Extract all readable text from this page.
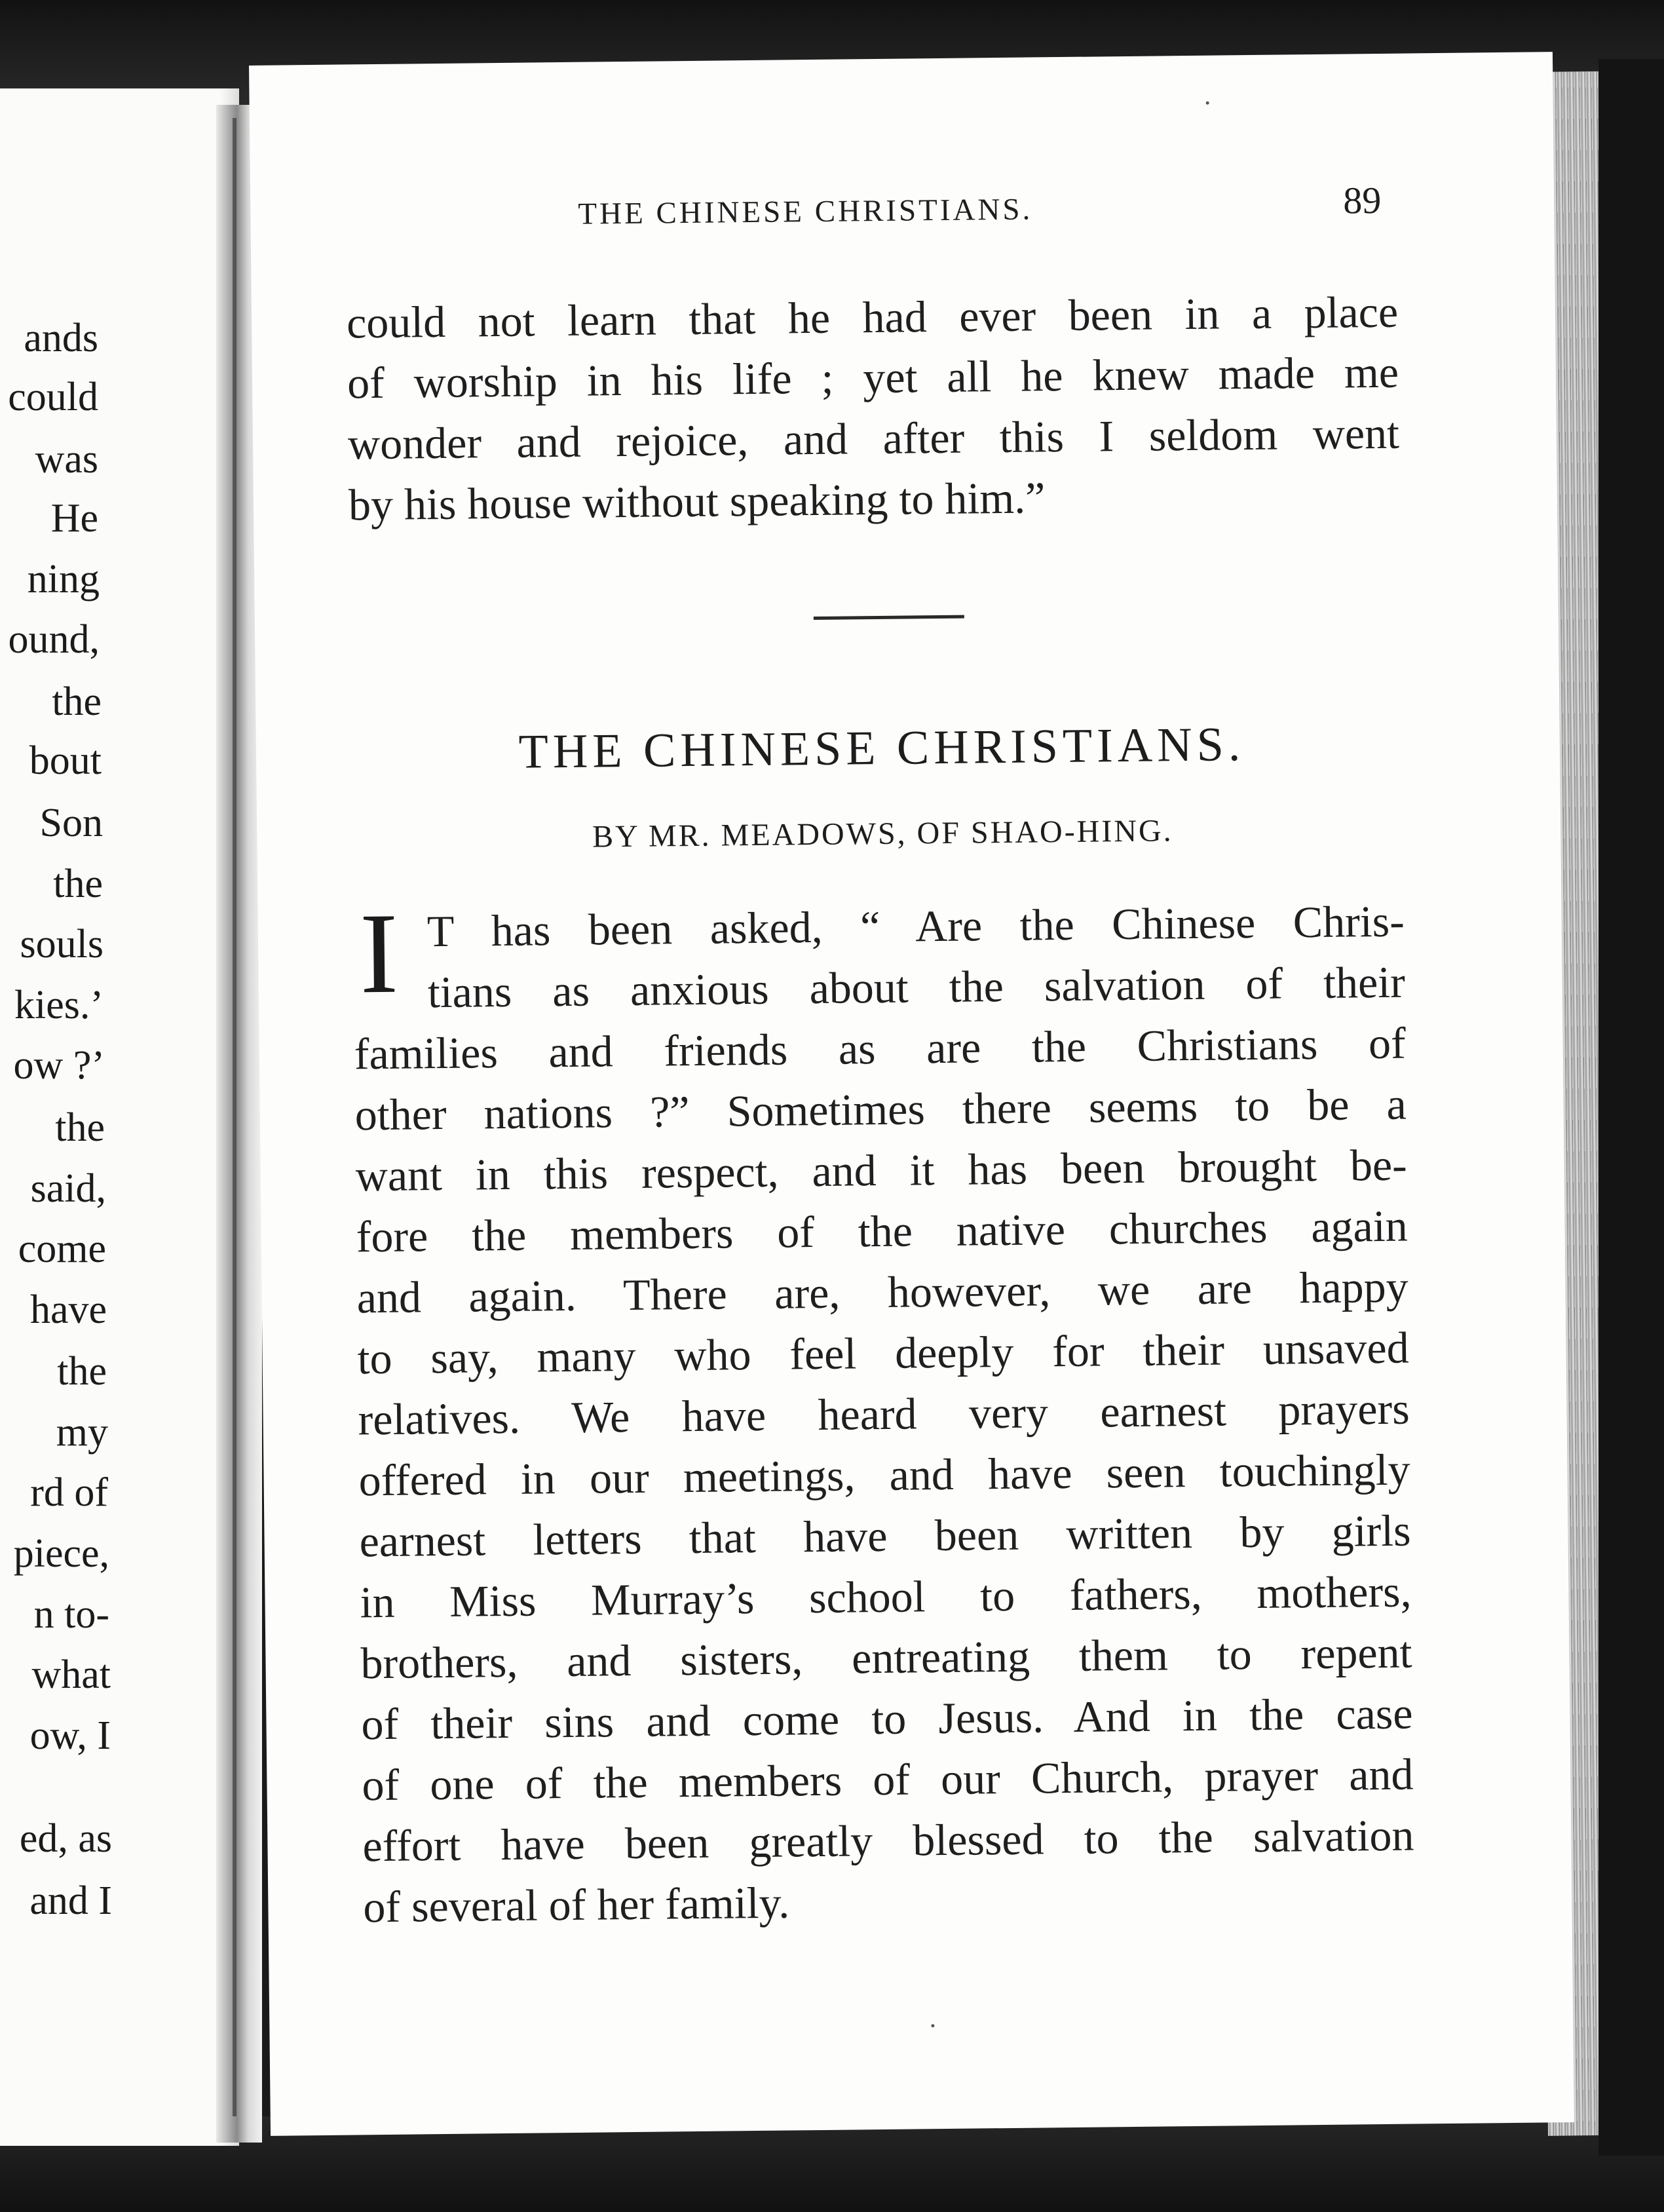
ands
could
was
He
ning
ound,
the
bout
Son
the
souls
kies.’
ow ?’
the
said,
come
have
the
my
rd of
piece,
n to-
what
ow, I
ed, as
and I
THE CHINESE CHRISTIANS.	89
could not learn that he had ever been in a place
of worship in his life ; yet all he knew made me
wonder and rejoice, and after this I seldom went
by his house without speaking to him.”
THE CHINESE CHRISTIANS.
BY MR. MEADOWS, OF SHAO-HING.
I T has been asked, “ Are the Chinese Chris-
tians as anxious about the salvation of their
families and friends as are the Christians of
other nations ?” Sometimes there seems to be a
want in this respect, and it has been brought be-
fore the members of the native churches again
and again. There are, however, we are happy
to say, many who feel deeply for their unsaved
relatives. We have heard very earnest prayers
offered in our meetings, and have seen touchingly
earnest letters that have been written by girls
in Miss Murray’s school to fathers, mothers,
brothers, and sisters, entreating them to repent
of their sins and come to Jesus. And in the case
of one of the members of our Church, prayer and
effort have been greatly blessed to the salvation
of several of her family.
